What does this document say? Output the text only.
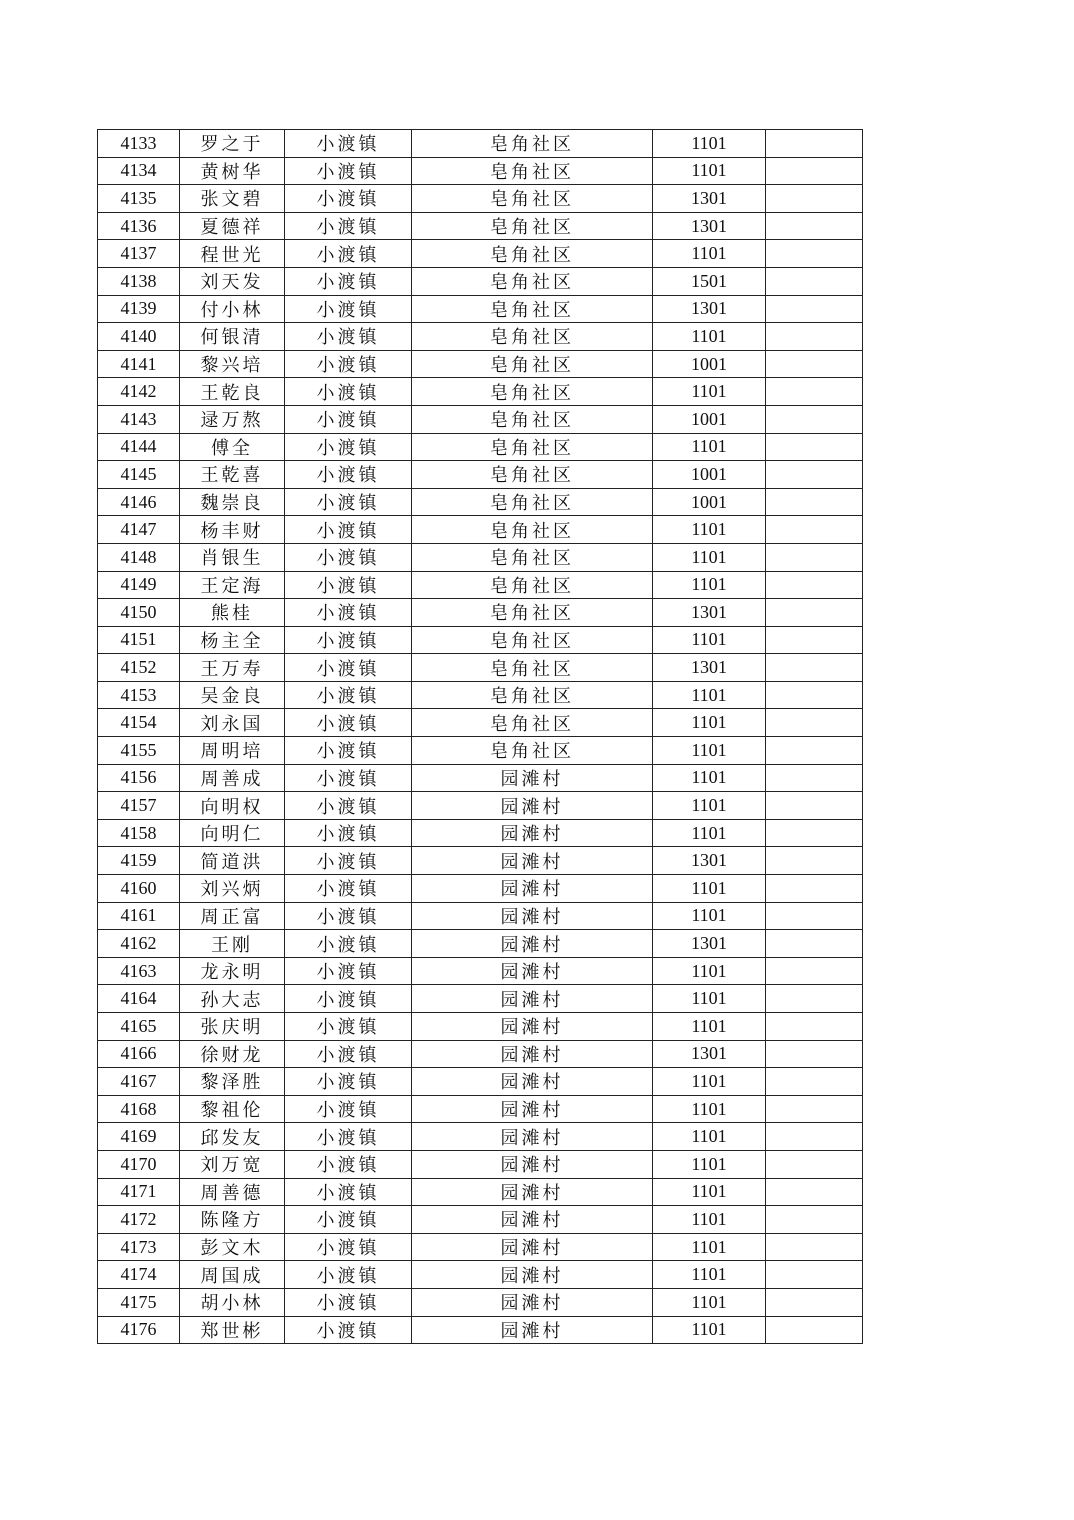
4133	罗之于	小渡镇	皂角社区	1101	
4134	黄树华	小渡镇	皂角社区	1101	
4135	张文碧	小渡镇	皂角社区	1301	
4136	夏德祥	小渡镇	皂角社区	1301	
4137	程世光	小渡镇	皂角社区	1101	
4138	刘天发	小渡镇	皂角社区	1501	
4139	付小林	小渡镇	皂角社区	1301	
4140	何银清	小渡镇	皂角社区	1101	
4141	黎兴培	小渡镇	皂角社区	1001	
4142	王乾良	小渡镇	皂角社区	1101	
4143	逯万熬	小渡镇	皂角社区	1001	
4144	傅全	小渡镇	皂角社区	1101	
4145	王乾喜	小渡镇	皂角社区	1001	
4146	魏崇良	小渡镇	皂角社区	1001	
4147	杨丰财	小渡镇	皂角社区	1101	
4148	肖银生	小渡镇	皂角社区	1101	
4149	王定海	小渡镇	皂角社区	1101	
4150	熊桂	小渡镇	皂角社区	1301	
4151	杨主全	小渡镇	皂角社区	1101	
4152	王万寿	小渡镇	皂角社区	1301	
4153	吴金良	小渡镇	皂角社区	1101	
4154	刘永国	小渡镇	皂角社区	1101	
4155	周明培	小渡镇	皂角社区	1101	
4156	周善成	小渡镇	园滩村	1101	
4157	向明权	小渡镇	园滩村	1101	
4158	向明仁	小渡镇	园滩村	1101	
4159	简道洪	小渡镇	园滩村	1301	
4160	刘兴炳	小渡镇	园滩村	1101	
4161	周正富	小渡镇	园滩村	1101	
4162	王刚	小渡镇	园滩村	1301	
4163	龙永明	小渡镇	园滩村	1101	
4164	孙大志	小渡镇	园滩村	1101	
4165	张庆明	小渡镇	园滩村	1101	
4166	徐财龙	小渡镇	园滩村	1301	
4167	黎泽胜	小渡镇	园滩村	1101	
4168	黎祖伦	小渡镇	园滩村	1101	
4169	邱发友	小渡镇	园滩村	1101	
4170	刘万宽	小渡镇	园滩村	1101	
4171	周善德	小渡镇	园滩村	1101	
4172	陈隆方	小渡镇	园滩村	1101	
4173	彭文木	小渡镇	园滩村	1101	
4174	周国成	小渡镇	园滩村	1101	
4175	胡小林	小渡镇	园滩村	1101	
4176	郑世彬	小渡镇	园滩村	1101	
